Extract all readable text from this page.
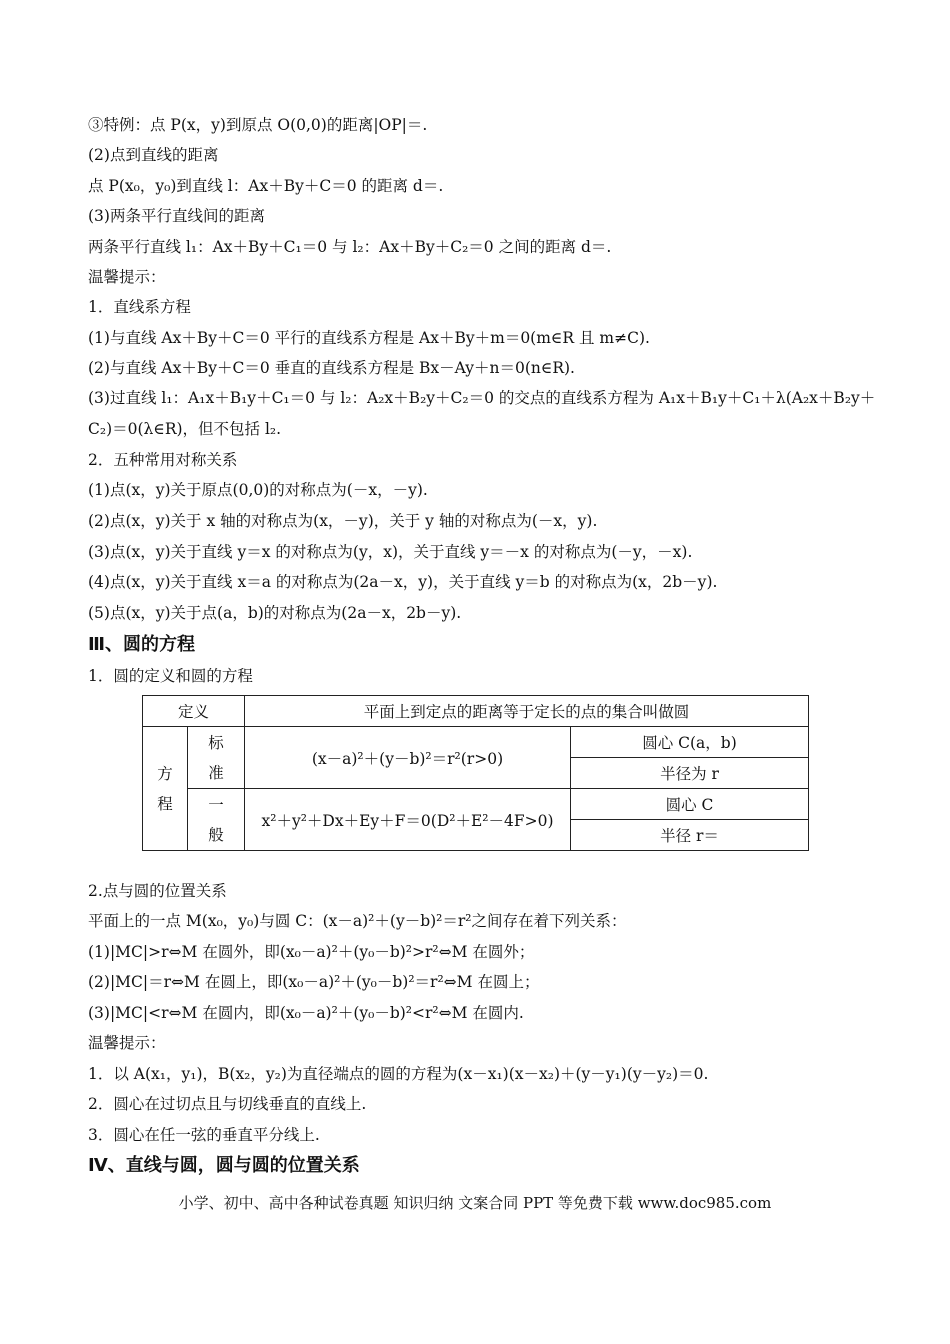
③特例：点 P(x，y)到原点 O(0,0)的距离|OP|＝.
(2)点到直线的距离
点 P(x₀，y₀)到直线 l：Ax＋By＋C＝0 的距离 d＝.
(3)两条平行直线间的距离
两条平行直线 l₁：Ax＋By＋C₁＝0 与 l₂：Ax＋By＋C₂＝0 之间的距离 d＝.
温馨提示：
1．直线系方程
(1)与直线 Ax＋By＋C＝0 平行的直线系方程是 Ax＋By＋m＝0(m∈R 且 m≠C).
(2)与直线 Ax＋By＋C＝0 垂直的直线系方程是 Bx－Ay＋n＝0(n∈R).
(3)过直线 l₁：A₁x＋B₁y＋C₁＝0 与 l₂：A₂x＋B₂y＋C₂＝0 的交点的直线系方程为 A₁x＋B₁y＋C₁＋λ(A₂x＋B₂y＋C₂)＝0(λ∈R)，但不包括 l₂.
2．五种常用对称关系
(1)点(x，y)关于原点(0,0)的对称点为(－x，－y).
(2)点(x，y)关于 x 轴的对称点为(x，－y)，关于 y 轴的对称点为(－x，y).
(3)点(x，y)关于直线 y＝x 的对称点为(y，x)，关于直线 y＝－x 的对称点为(－y，－x).
(4)点(x，y)关于直线 x＝a 的对称点为(2a－x，y)，关于直线 y＝b 的对称点为(x，2b－y).
(5)点(x，y)关于点(a，b)的对称点为(2a－x，2b－y).
Ⅲ、圆的方程
1．圆的定义和圆的方程
定义		平面上到定点的距离等于定长的点的集合叫做圆	

方程	标准	(x－a)²＋(y－b)²＝r²(r>0)	圆心 C(a，b)
			半径为 r

	一般	x²＋y²＋Dx＋Ey＋F＝0(D²＋E²－4F>0)	圆心 C
			半径 r＝
2.点与圆的位置关系
平面上的一点 M(x₀，y₀)与圆 C：(x－a)²＋(y－b)²＝r²之间存在着下列关系：
(1)|MC|>r⇔M 在圆外，即(x₀－a)²＋(y₀－b)²>r²⇔M 在圆外；
(2)|MC|＝r⇔M 在圆上，即(x₀－a)²＋(y₀－b)²＝r²⇔M 在圆上；
(3)|MC|<r⇔M 在圆内，即(x₀－a)²＋(y₀－b)²<r²⇔M 在圆内.
温馨提示：
1．以 A(x₁，y₁)，B(x₂，y₂)为直径端点的圆的方程为(x－x₁)(x－x₂)＋(y－y₁)(y－y₂)＝0.
2．圆心在过切点且与切线垂直的直线上.
3．圆心在任一弦的垂直平分线上.
Ⅳ、直线与圆，圆与圆的位置关系
小学、初中、高中各种试卷真题 知识归纳 文案合同 PPT 等免费下载 www.doc985.com
